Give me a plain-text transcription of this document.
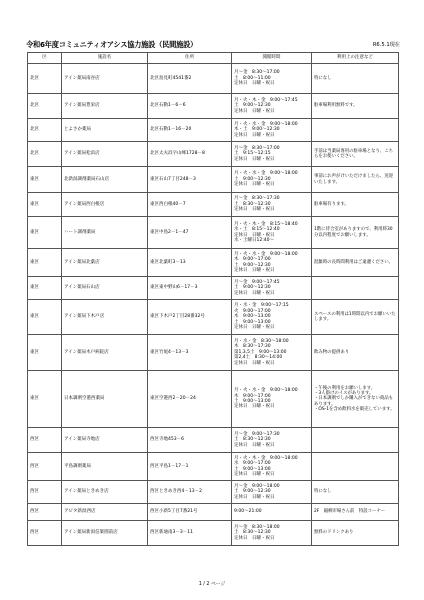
令和6年度コミュニティオアシス協力施設（民間施設）	R6.5.1現在
区	施設名	住所	開館時間	利用上の注意など
北区	アイン薬局南谷店	北区島見町4541番2	月～金　8:30～17:00
土　8:00～11:00
定休日　日曜・祝日	特になし
北区	アイン薬局豊栄店	北区石動1－6－6	月・火・木・金　9:00～17:45
土　9:00～12:30
定休日　日曜・祝日	駐車場利用無料です。
北区	とよさか薬局	北区石動1－16－20	月・火・水・金　9:00～18:00
木・土　9:00～12:30
定休日　日曜・祝日	
北区	アイン薬局松浜店	北区太夫浜字山峰1728－8	月～金　8:30～17:00
土　9:15～12:15
定休日　日曜・祝日	手前は当薬局専用の駐車場となり、こちらをお使いください。
東区	北新潟調剤薬局石山店	東区石山7丁目248－3	月・火・水・金　9:00～18:00
土　9:00～12:30
定休日　日曜・祝日	事前にお声がけいただけましたら、送迎いたします。
東区	アイン薬局西白根店	東区西白根40－7	月～金　8:30～17:30
土　8:30～12:30
定休日　日曜・祝日	駐車場有ります。
東区	ハート調剤薬局	東区中島2－1－47	月・火・木・金　8:15～18:40
水・土　8:15～12:40
定休日　日曜・祝日
水・土曜日12:40～	1階に待合室がありますので、利用時30分以内程度でお願いします。
東区	アイン薬局北葉店	東区北葉町3－13	月・火・水・金　9:00～18:00
木　9:00～17:00
土　9:00～12:30
定休日　日曜・祝日	混雑時の長時間利用はご遠慮ください。
東区	アイン薬局石山店	東区東中野山6－17－3	月～金　9:00～17:45
土　9:00～12:30
定休日　日曜・祝日	
東区	アイン薬局下木戸店	東区下木戸2丁目28番32号	月・水・金　9:00～17:15
火　9:00～17:00
木　9:00～13:00
土　9:00～13:00
定休日　日曜・祝日	スペースの利用は1時間以内でお願いいたします。
東区	アイン薬局木戸病院店	東区竹尾4－13－3	月・水・金　8:30～18:00
木　8:30～17:30
第1,3,5土　9:00～13:00
第2,4土　8:30～14:00
定休日　日曜・祝日	飲み物の提供あり
東区	日本調剤空港西薬局	東区空港西2－20－24	月・火・水・金　9:00～18:00
木　9:00～17:00
土　9:00～13:00
定休日　日曜・祝日	・午後の利用をお願いします。
・3人掛けのイスがあります。
・日本調剤でしか購入ができない商品もあります。
・OS-1を含め飲料水を販売しています。
西区	アイン薬局寺地店	西区寺地453－6	月～金　9:00～17:30
土　8:30～12:30
定休日　日曜・祝日	
西区	平島調剤薬局	西区平島1－17－1	月・火・木・金　9:00～18:00
水　9:00～17:00
土　9:00～13:00
定休日　日曜・祝日	
西区	アイン薬局ときめき店	西区ときめき西4－13－2	月～金　9:00～18:00
土　9:00～12:30
定休日　日曜・祝日	特になし
西区	アピタ新潟西店	西区小新5丁目7番21号	9:00～21:00	2F　銀柳市場さん前　特設コーナー
西区	アイン薬局新潟信楽園前店	西区新通南3－3－11	月～金　8:30～18:00
土　8:30～12:30
定休日　日曜・祝日	無料のドリンクあり
1 / 2 ページ
